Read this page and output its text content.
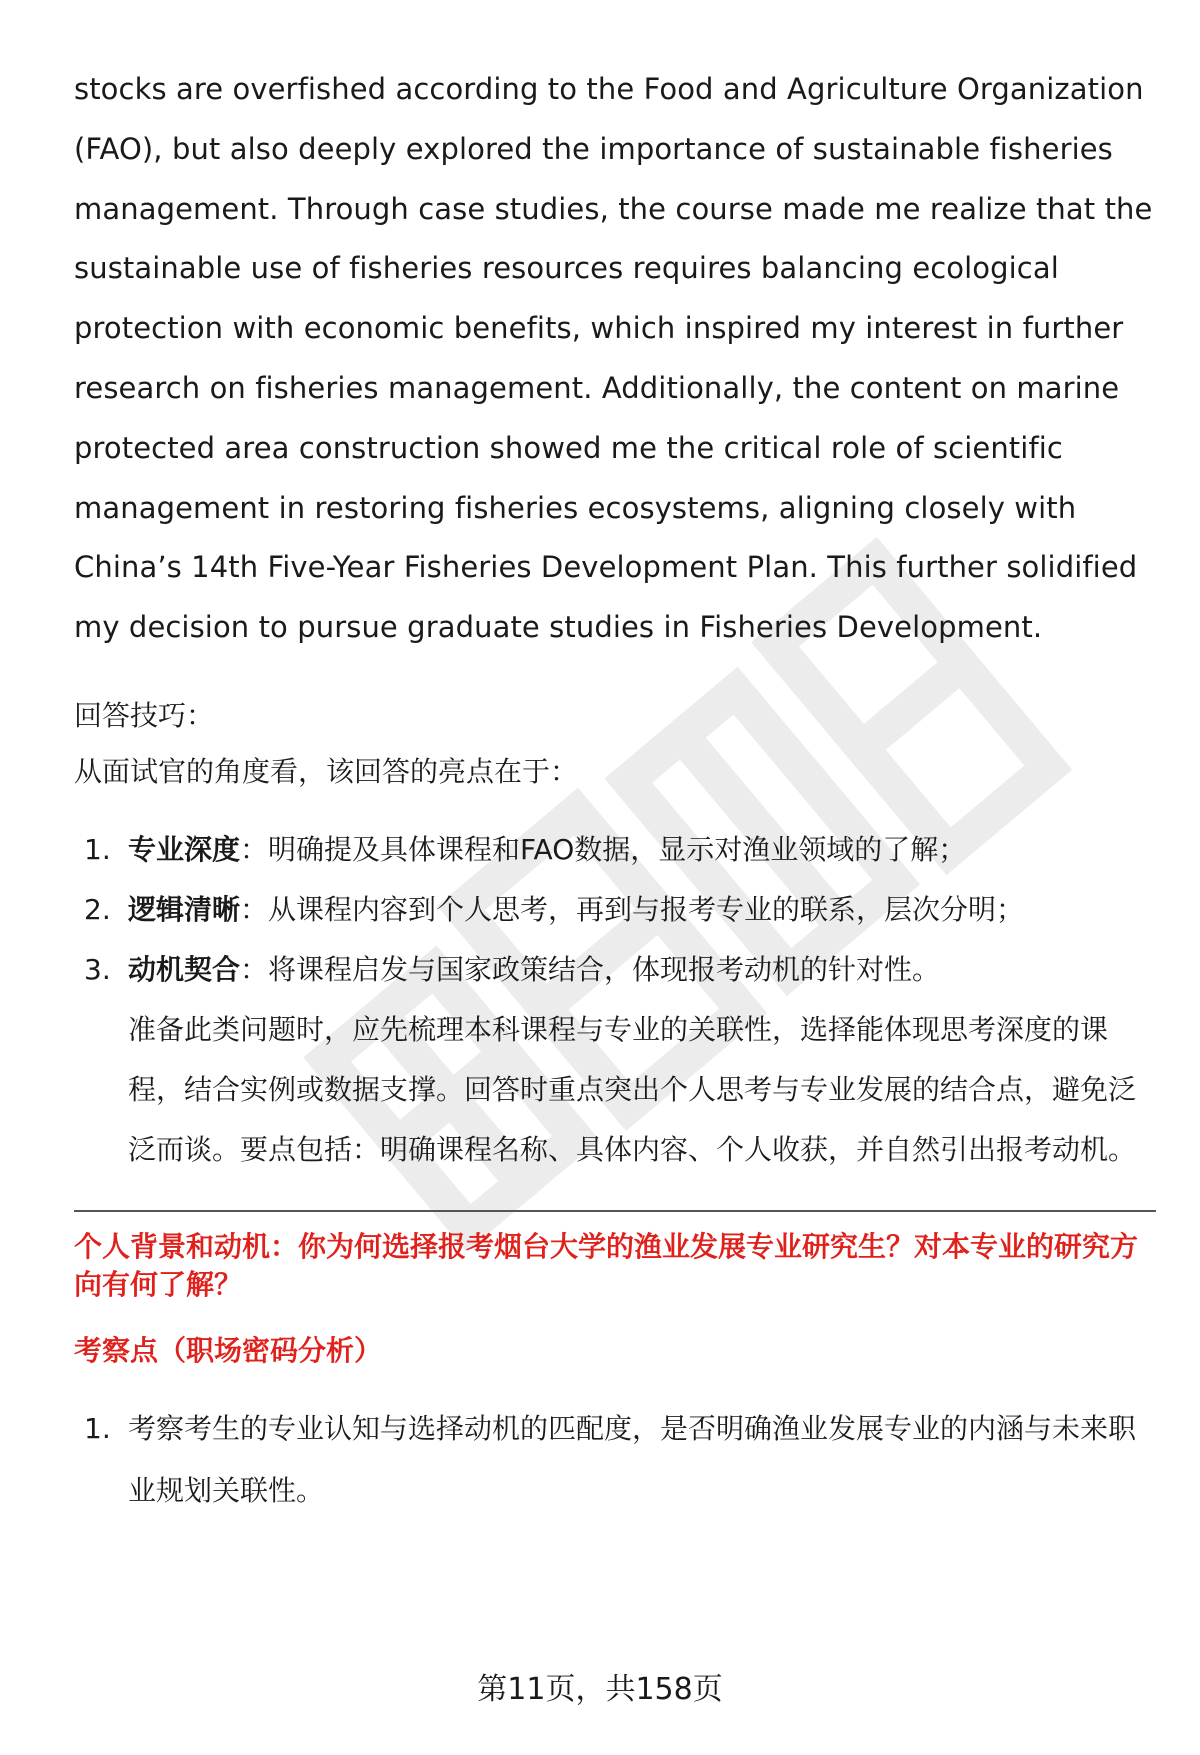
stocks are overfished according to the Food and Agriculture Organization (FAO), but also deeply explored the importance of sustainable fisheries management. Through case studies, the course made me realize that the sustainable use of fisheries resources requires balancing ecological protection with economic benefits, which inspired my interest in further research on fisheries management. Additionally, the content on marine protected area construction showed me the critical role of scientific management in restoring fisheries ecosystems, aligning closely with China’s 14th Five-Year Fisheries Development Plan. This further solidified my decision to pursue graduate studies in Fisheries Development.

回答技巧：

从面试官的角度看，该回答的亮点在于：

1. 专业深度：明确提及具体课程和FAO数据，显示对渔业领域的了解；
2. 逻辑清晰：从课程内容到个人思考，再到与报考专业的联系，层次分明；
3. 动机契合：将课程启发与国家政策结合，体现报考动机的针对性。

准备此类问题时，应先梳理本科课程与专业的关联性，选择能体现思考深度的课程，结合实例或数据支撑。回答时重点突出个人思考与专业发展的结合点，避免泛泛而谈。要点包括：明确课程名称、具体内容、个人收获，并自然引出报考动机。

个人背景和动机：你为何选择报考烟台大学的渔业发展专业研究生？对本专业的研究方向有何了解？

考察点（职场密码分析）

1. 考察考生的专业认知与选择动机的匹配度，是否明确渔业发展专业的内涵与未来职业规划关联性。
第11页，共158页
